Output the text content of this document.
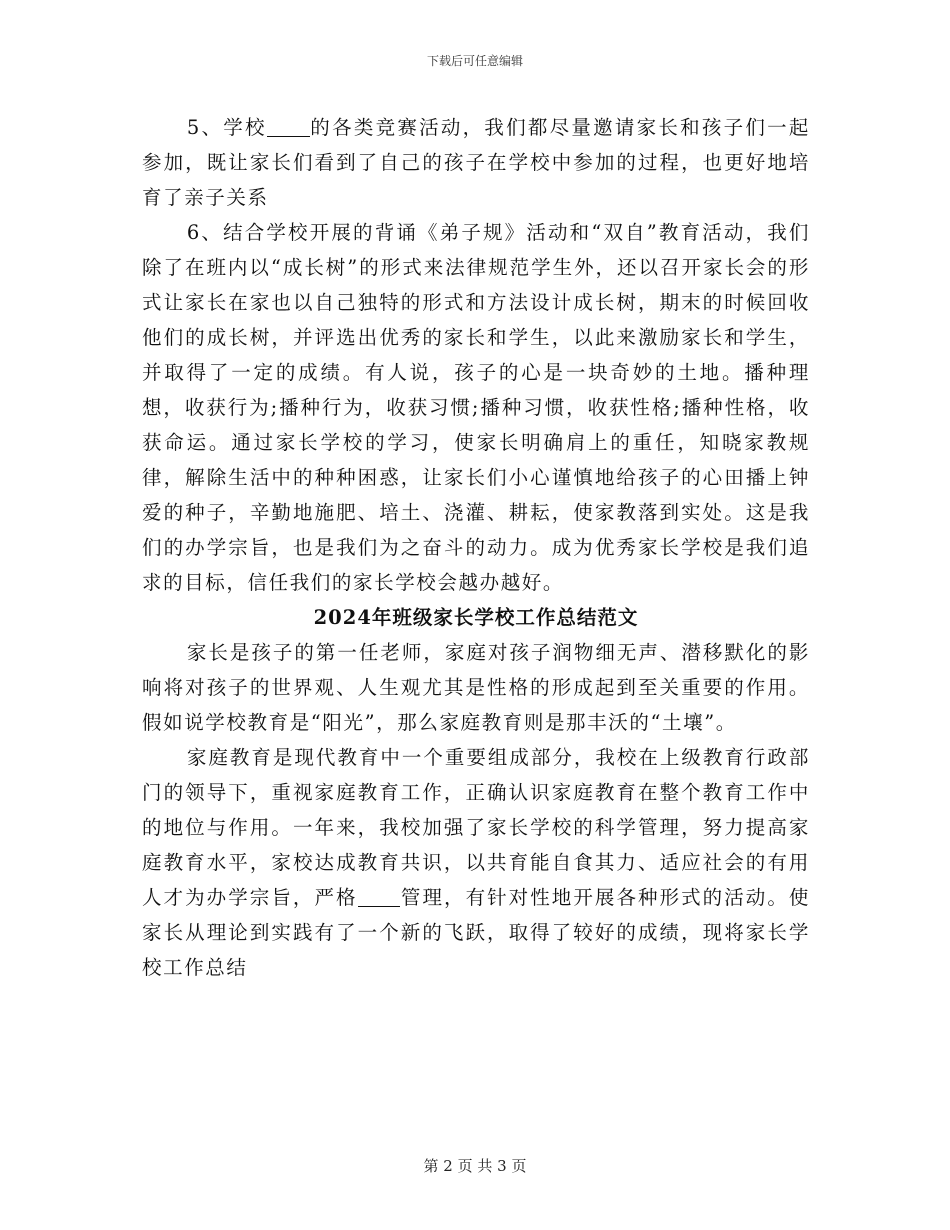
下载后可任意编辑

5、学校 的各类竞赛活动，我们都尽量邀请家长和孩子们一起参加，既让家长们看到了自己的孩子在学校中参加的过程，也更好地培育了亲子关系

6、结合学校开展的背诵《弟子规》活动和“双自”教育活动，我们除了在班内以“成长树”的形式来法律规范学生外，还以召开家长会的形式让家长在家也以自己独特的形式和方法设计成长树，期末的时候回收他们的成长树，并评选出优秀的家长和学生，以此来激励家长和学生，并取得了一定的成绩。有人说，孩子的心是一块奇妙的土地。播种理想，收获行为;播种行为，收获习惯;播种习惯，收获性格;播种性格，收获命运。通过家长学校的学习，使家长明确肩上的重任，知晓家教规律，解除生活中的种种困惑，让家长们小心谨慎地给孩子的心田播上钟爱的种子，辛勤地施肥、培土、浇灌、耕耘，使家教落到实处。这是我们的办学宗旨，也是我们为之奋斗的动力。成为优秀家长学校是我们追求的目标，信任我们的家长学校会越办越好。

2024年班级家长学校工作总结范文

家长是孩子的第一任老师，家庭对孩子润物细无声、潜移默化的影响将对孩子的世界观、人生观尤其是性格的形成起到至关重要的作用。假如说学校教育是“阳光”，那么家庭教育则是那丰沃的“土壤”。

家庭教育是现代教育中一个重要组成部分，我校在上级教育行政部门的领导下，重视家庭教育工作，正确认识家庭教育在整个教育工作中的地位与作用。一年来，我校加强了家长学校的科学管理，努力提高家庭教育水平，家校达成教育共识，以共育能自食其力、适应社会的有用人才为办学宗旨，严格 管理，有针对性地开展各种形式的活动。使家长从理论到实践有了一个新的飞跃，取得了较好的成绩，现将家长学校工作总结

第 2 页 共 3 页
